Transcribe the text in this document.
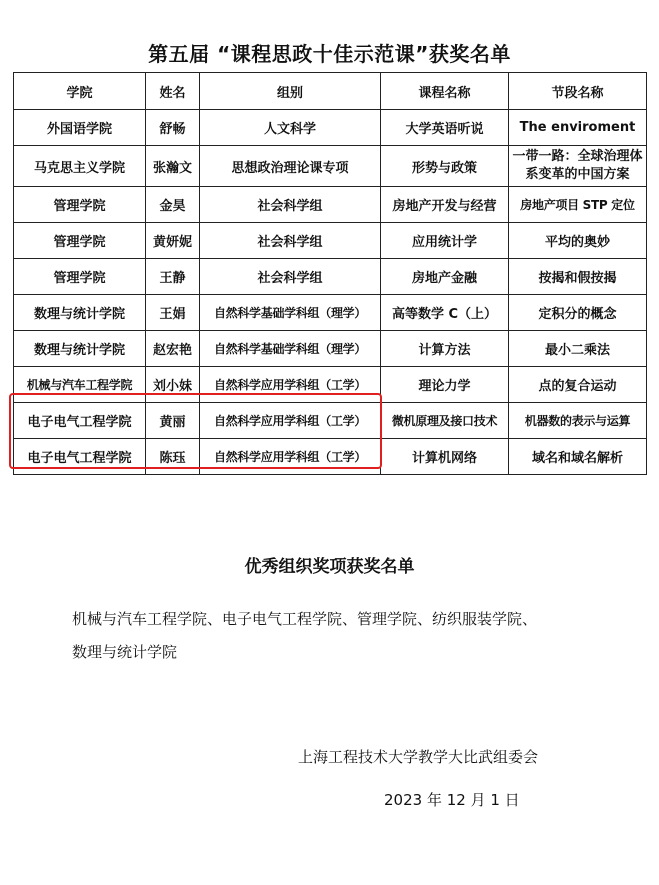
第五届 “课程思政十佳示范课”获奖名单
学院	姓名	组别	课程名称	节段名称
外国语学院	舒畅	人文科学	大学英语听说	The enviroment
马克思主义学院	张瀚文	思想政治理论课专项	形势与政策	一带一路：全球治理体系变革的中国方案
管理学院	金昊	社会科学组	房地产开发与经营	房地产项目 STP 定位
管理学院	黄妍妮	社会科学组	应用统计学	平均的奥妙
管理学院	王静	社会科学组	房地产金融	按揭和假按揭
数理与统计学院	王娟	自然科学基础学科组（理学）	高等数学 C（上）	定积分的概念
数理与统计学院	赵宏艳	自然科学基础学科组（理学）	计算方法	最小二乘法
机械与汽车工程学院	刘小妹	自然科学应用学科组（工学）	理论力学	点的复合运动
电子电气工程学院	黄丽	自然科学应用学科组（工学）	微机原理及接口技术	机器数的表示与运算
电子电气工程学院	陈珏	自然科学应用学科组（工学）	计算机网络	域名和域名解析
优秀组织奖项获奖名单
机械与汽车工程学院、电子电气工程学院、管理学院、纺织服装学院、
数理与统计学院
上海工程技术大学教学大比武组委会
2023 年 12 月 1 日
